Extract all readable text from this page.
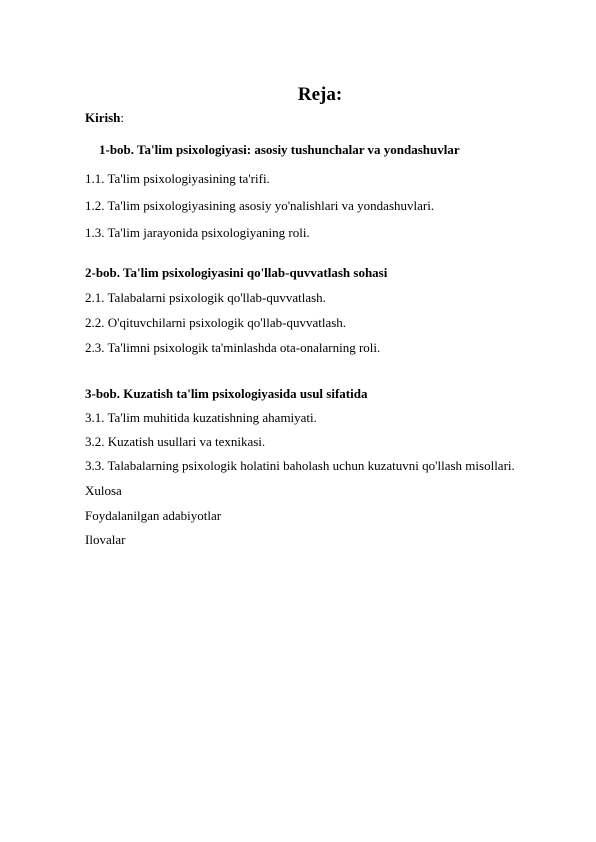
Reja:
Kirish:
1-bob. Ta'lim psixologiyasi: asosiy tushunchalar va yondashuvlar
1.1. Ta'lim psixologiyasining ta'rifi.
1.2. Ta'lim psixologiyasining asosiy yo'nalishlari va yondashuvlari.
1.3. Ta'lim jarayonida psixologiyaning roli.
2-bob. Ta'lim psixologiyasini qo'llab-quvvatlash sohasi
2.1. Talabalarni psixologik qo'llab-quvvatlash.
2.2. O'qituvchilarni psixologik qo'llab-quvvatlash.
2.3. Ta'limni psixologik ta'minlashda ota-onalarning roli.
3-bob. Kuzatish ta'lim psixologiyasida usul sifatida
3.1. Ta'lim muhitida kuzatishning ahamiyati.
3.2. Kuzatish usullari va texnikasi.
3.3. Talabalarning psixologik holatini baholash uchun kuzatuvni qo'llash misollari.
Xulosa
Foydalanilgan adabiyotlar
Ilovalar
